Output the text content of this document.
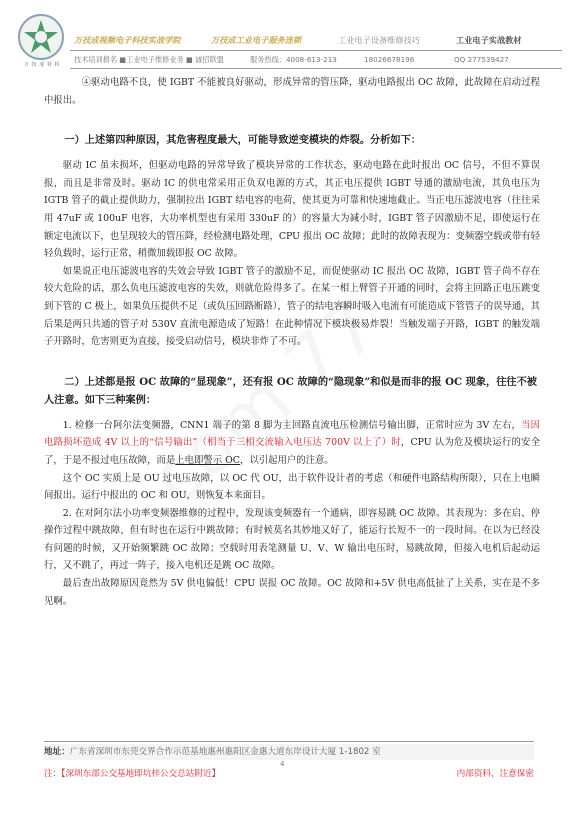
万 技 成 材 料
万技成视频电子科技实战学院	万技成工业电子服务连锁	工业电子设备维修技巧	工业电子实战教材
技术培训报名 ■工业电子维修业务 ■ 诚招联盟	服务热线：4008-613-213	18026678196	QQ 277539427

④驱动电路不良，使 IGBT 不能被良好驱动，形成异常的管压降，驱动电路报出 OC 故障，此故障在启动过程中报出。

一）上述第四种原因，其危害程度最大，可能导致逆变模块的炸裂。分析如下：

驱动 IC 虽未损坏，但驱动电路的异常导致了模块异常的工作状态，驱动电路在此时报出 OC 信号，不但不算误报，而且是非常及时。驱动 IC 的供电常采用正负双电源的方式，其正电压提供 IGBT 导通的激励电流，其负电压为 IGTB 管子的截止提供助力，强制拉出 IGBT 结电容的电荷，使其更为可靠和快速地截止。当正电压滤波电容（往往采用 47uF 或 100uF 电容，大功率机型也有采用 330uF 的）的容量大为减小时，IGBT 管子因激励不足，即使运行在额定电流以下，也呈现较大的管压降，经检测电路处理，CPU 报出 OC 故障；此时的故障表现为：变频器空载或带有轻轻负载时，运行正常，稍微加载即报 OC 故障。

如果说正电压滤波电容的失效会导致 IGBT 管子的激励不足，而促使驱动 IC 报出 OC 故障，IGBT 管子尚不存在较大危险的话，那么负电压滤波电容的失效，则就危险得多了。在某一相上臂管子开通的同时，会将主回路正电压跳变到下管的 C 极上，如果负压提供不足（或负压回路断路），管子的结电容瞬时吸入电流有可能造成下管管子的误导通，其后果是两只共通的管子对 530V 直流电源造成了短路！在此种情况下模块极易炸裂！当触发端子开路，IGBT 的触发端子开路时，危害则更为直接，接受启动信号，模块非炸了不可。

二）上述都是报 OC 故障的“显现象”，还有报 OC 故障的“隐现象”和似是而非的报 OC 现象，往往不被人注意。如下三种案例：

1. 检修一台阿尔法变频器，CNN1 端子的第 8 脚为主回路直流电压检测信号输出脚，正常时应为 3V 左右，当因电路损坏造成 4V 以上的“信号输出”（相当于三相交流输入电压达 700V 以上了）时，CPU 认为危及模块运行的安全了，于是不报过电压故障，而是上电即警示 OC，以引起用户的注意。

这个 OC 实质上是 OU 过电压故障，以 OC 代 OU，出于软件设计者的考虑（和硬件电路结构所限），只在上电瞬间报出。运行中报出的 OC 和 OU，则恢复本来面目。

2. 在对阿尔法小功率变频器维修的过程中，发现该变频器有一个通病，即容易跳 OC 故障。其表现为：多在启、停操作过程中跳故障，但有时也在运行中跳故障；有时候莫名其妙地又好了，能运行长短不一的一段时间。在以为已经没有问题的时候，又开始频繁跳 OC 故障；空载时用表笔测量 U、V、W 输出电压时，易跳故障，但接入电机后起动运行，又不跳了，再过一阵子，接入电机还是跳 OC 故障。

最后查出故障原因竟然为 5V 供电偏低！CPU 误报 OC 故障。OC 故障和+5V 供电高低扯了上关系，实在是不多见啊。

地址：广东省深圳市东莞交界合作示范基地惠州惠阳区金惠大道东岸设计大厦 1-1802 室
4
注：【深圳东部公交基地即坑梓公交总站附近】	内部资料，注意保密
